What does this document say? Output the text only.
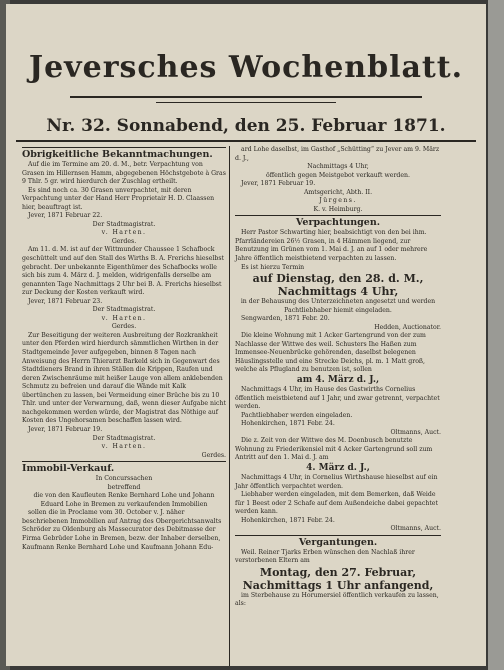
Jeversches Wochenblatt.
Nr. 32. Sonnabend, den 25. Februar 1871.

Obrigkeitliche Bekanntmachungen.

Auf die im Termine am 20. d. M., betr. Verpachtung von Grasen im Hillernsen Hamm, abgegebenen Höchstgebote à Gras 9 Thlr. 5 gr. wird hierdurch der Zuschlag ertheilt.

Es sind noch ca. 30 Grasen unverpachtet, mit deren Verpachtung unter der Hand Herr Proprietair H. D. Claassen hier, beauftragt ist.

Jever, 1871 Februar 22.

Der Stadtmagistrat.

v. Harten.

Gerdes.

Am 11. d. M. ist auf der Wittmunder Chaussee 1 Schafbock geschüttelt und auf den Stall des Wirths B. A. Frerichs hieselbst gebracht. Der unbekannte Eigenthümer des Schafbocks wolle sich bis zum 4. März d. J. melden, widrigenfalls derselbe am genannten Tage Nachmittags 2 Uhr bei B. A. Frerichs hieselbst zur Deckung der Kosten verkauft wird.

Jever, 1871 Februar 23.

Der Stadtmagistrat.

v. Harten.

Gerdes.

Zur Beseitigung der weiteren Ausbreitung der Rozkrankheit unter den Pferden wird hierdurch sämmtlichen Wirthen in der Stadtgemeinde Jever aufgegeben, binnen 8 Tagen nach Anweisung des Herrn Thierarzt Barkeld sich in Gegenwart des Stadtdieners Brand in ihren Ställen die Krippen, Raufen und deren Zwischenräume mit heißer Lauge von allem anklebenden Schmutz zu befreien und darauf die Wände mit Kalk übertünchen zu lassen, bei Vermeidung einer Brüche bis zu 10 Thlr. und unter der Verwarnung, daß, wenn dieser Aufgabe nicht nachgekommen werden würde, der Magistrat das Nöthige auf Kosten des Ungehorsamen beschaffen lassen wird.

Jever, 1871 Februar 19.

Der Stadtmagistrat.

v. Harten.

Gerdes.

Immobil-Verkauf.

In Concurssachen

betreffend

die von den Kaufleuten Renke Bernhard Lohe und Johann Eduard Lohe in Bremen zu verkaufenden Immobilien

sollen die in Proclame vom 30. October v. J. näher beschriebenen Immobilien auf Antrag des Obergerichtsanwalts Schröder zu Oldenburg als Massecurator des Debitmasse der Firma Gebrüder Lohe in Bremen, bezw. der Inhaber derselben, Kaufmann Renke Bernhard Lohe und Kaufmann Johann Edu-

ard Lohe daselbst, im Gasthof „Schütting“ zu Jever am 9. März d. J.,

Nachmittags 4 Uhr,

öffentlich gegen Meistgebot verkauft werden.

Jever, 1871 Februar 19.

Amtsgericht, Abth. II.

Jürgens.

K. v. Heimburg.

Verpachtungen.

Herr Pastor Schwarting hier, beabsichtigt von den bei ihm. Pfarrländereien 26½ Grasen, in 4 Hämmen liegend, zur Benutzung im Grünen vom 1. Mai d. J. an auf 1 oder mehrere Jahre öffentlich meistbietend verpachten zu lassen.

Es ist hierzu Termin

auf Dienstag, den 28. d. M.,

Nachmittags 4 Uhr,

in der Behausung des Unterzeichneten angesetzt und werden Pachtliebhaber hiemit eingeladen.

Sengwarden, 1871 Febr. 20.

Hedden, Auctionator.

Die kleine Wohnung mit 1 Acker Gartengrund von der zum Nachlasse der Wittwe des weil. Schusters Ihe Haßen zum Immensee-Neuenbrücke gehörenden, daselbst belegenen Häuslingsstelle und eine Strecke Deichs, pl. m. 1 Matt groß, welche als Pflugland zu benutzen ist, sollen

am 4. März d. J.,

Nachmittags 4 Uhr, im Hause des Gastwirths Cornelius öffentlich meistbietend auf 1 Jahr, und zwar getrennt, verpachtet werden.

Pachtliebhaber werden eingeladen.

Hohenkirchen, 1871 Febr. 24.

Oltmanns, Auct.

Die z. Zeit von der Wittwe des M. Doenbusch benutzte Wohnung zu Friederikensiel mit 4 Acker Gartengrund soll zum Antritt auf den 1. Mai d. J. am

4. März d. J.,

Nachmittags 4 Uhr, in Cornelius Wirthshause hieselbst auf ein Jahr öffentlich verpachtet werden.

Liebhaber werden eingeladen, mit dem Bemerken, daß Weide für 1 Beest oder 2 Schafe auf dem Außendeiche dabei gepachtet werden kann.

Hohenkirchen, 1871 Febr. 24.

Oltmanns, Auct.

Vergantungen.

Weil. Reiner Tjarks Erben wünschen den Nachlaß ihrer verstorbenen Eltern am

Montag, den 27. Februar,

Nachmittags 1 Uhr anfangend,

im Sterbehause zu Horumersiel öffentlich verkaufen zu lassen, als:
